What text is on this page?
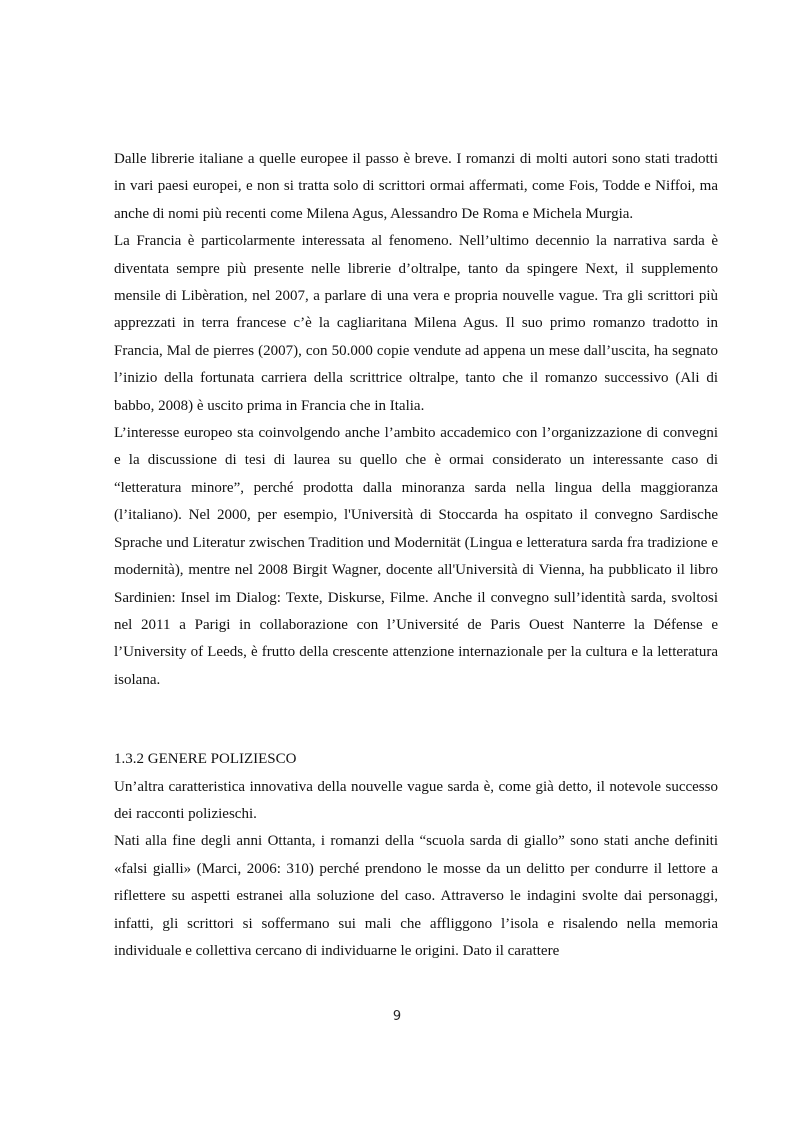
Dalle librerie italiane a quelle europee il passo è breve. I romanzi di molti autori sono stati tradotti in vari paesi europei, e non si tratta solo di scrittori ormai affermati, come Fois, Todde e Niffoi, ma anche di nomi più recenti come Milena Agus, Alessandro De Roma e Michela Murgia.

La Francia è particolarmente interessata al fenomeno. Nell’ultimo decennio la narrativa sarda è diventata sempre più presente nelle librerie d’oltralpe, tanto da spingere Next, il supplemento mensile di Libèration, nel 2007, a parlare di una vera e propria nouvelle vague. Tra gli scrittori più apprezzati in terra francese c’è la cagliaritana Milena Agus. Il suo primo romanzo tradotto in Francia, Mal de pierres (2007), con 50.000 copie vendute ad appena un mese dall’uscita, ha segnato l’inizio della fortunata carriera della scrittrice oltralpe, tanto che il romanzo successivo (Ali di babbo, 2008) è uscito prima in Francia che in Italia.

L’interesse europeo sta coinvolgendo anche l’ambito accademico con l’organizzazione di convegni e la discussione di tesi di laurea su quello che è ormai considerato un interessante caso di “letteratura minore”, perché prodotta dalla minoranza sarda nella lingua della maggioranza (l’italiano). Nel 2000, per esempio, l'Università di Stoccarda ha ospitato il convegno Sardische Sprache und Literatur zwischen Tradition und Modernität (Lingua e letteratura sarda fra tradizione e modernità), mentre nel 2008 Birgit Wagner, docente all'Università di Vienna, ha pubblicato il libro Sardinien: Insel im Dialog: Texte, Diskurse, Filme. Anche il convegno sull’identità sarda, svoltosi nel 2011 a Parigi in collaborazione con l’Université de Paris Ouest Nanterre la Défense e l’University of Leeds, è frutto della crescente attenzione internazionale per la cultura e la letteratura isolana.

1.3.2 GENERE POLIZIESCO

Un’altra caratteristica innovativa della nouvelle vague sarda è, come già detto, il notevole successo dei racconti polizieschi.

Nati alla fine degli anni Ottanta, i romanzi della “scuola sarda di giallo” sono stati anche definiti «falsi gialli» (Marci, 2006: 310) perché prendono le mosse da un delitto per condurre il lettore a riflettere su aspetti estranei alla soluzione del caso. Attraverso le indagini svolte dai personaggi, infatti, gli scrittori si soffermano sui mali che affliggono l’isola e risalendo nella memoria individuale e collettiva cercano di individuarne le origini. Dato il carattere

9
